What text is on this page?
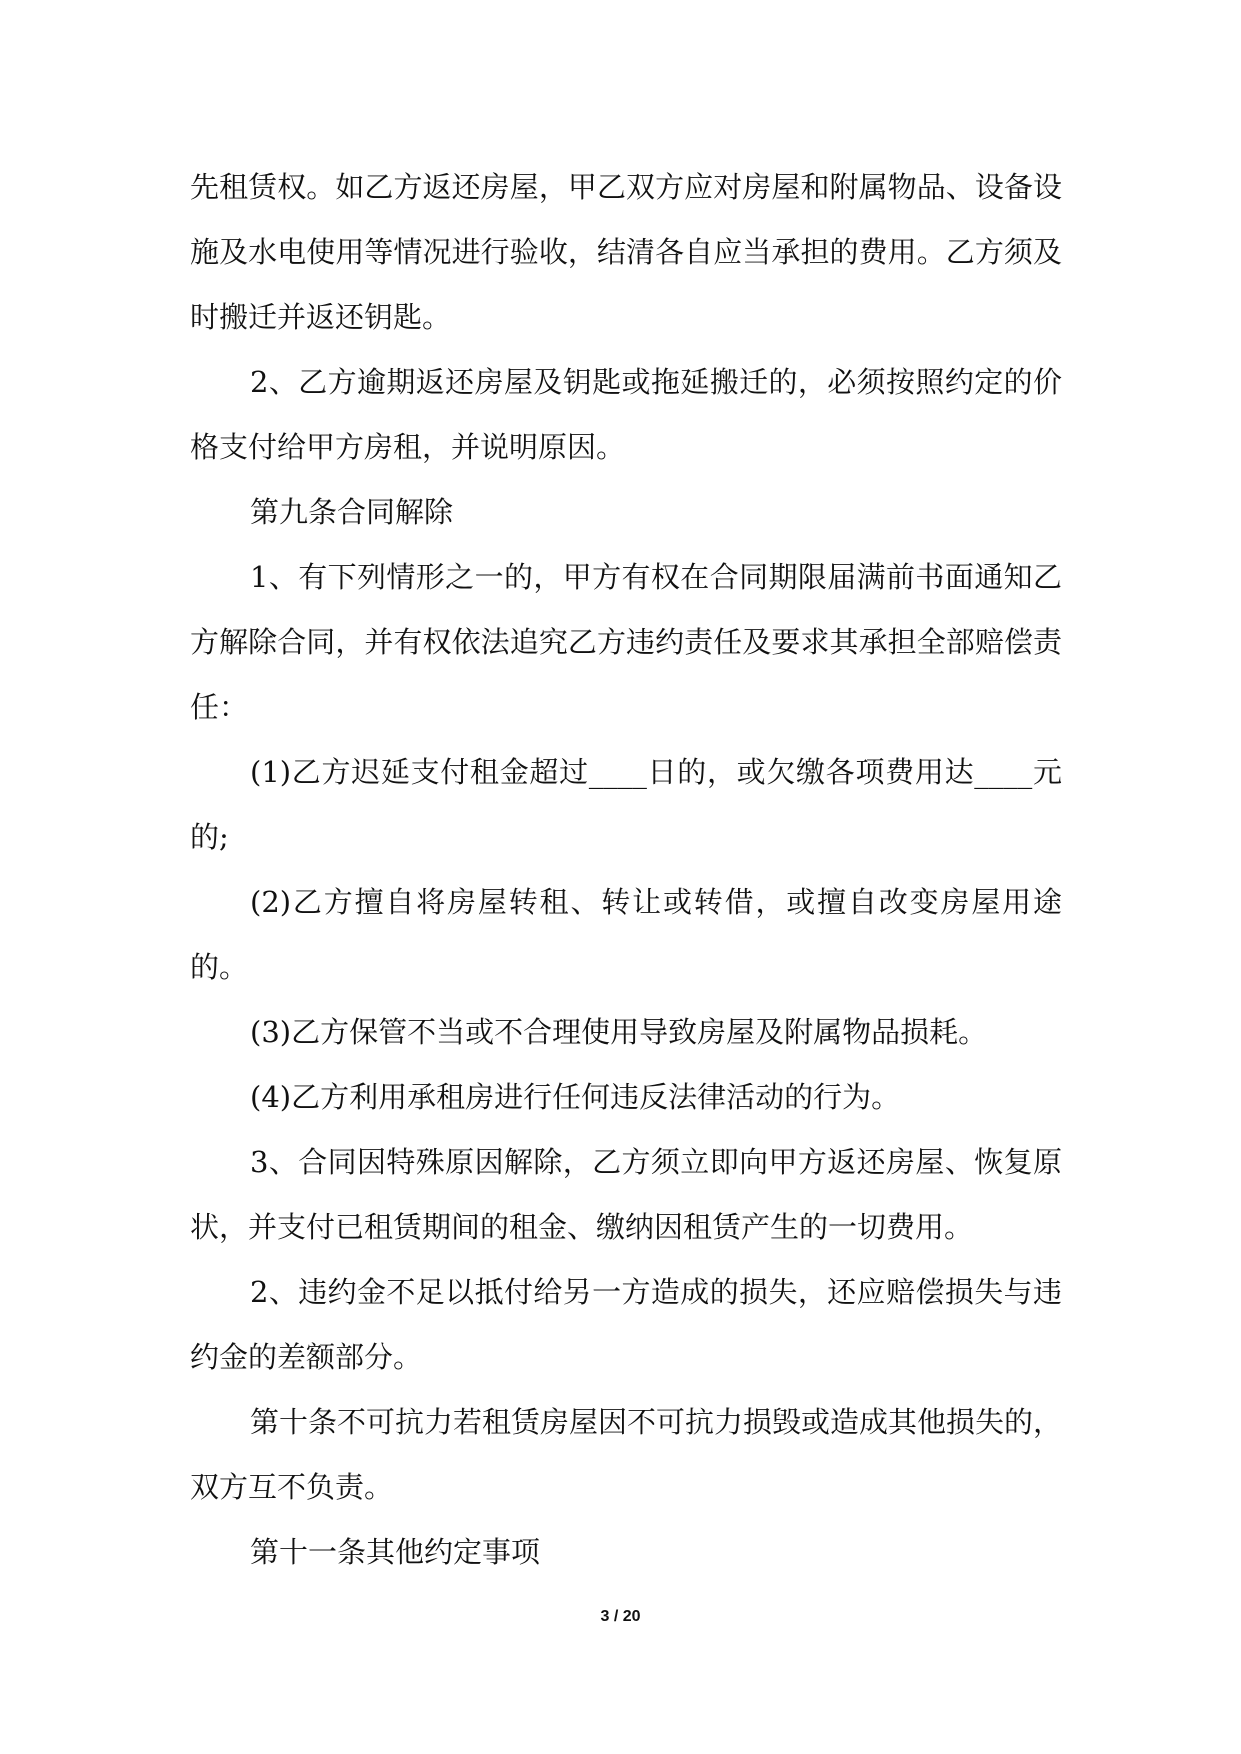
先租赁权。如乙方返还房屋，甲乙双方应对房屋和附属物品、设备设施及水电使用等情况进行验收，结清各自应当承担的费用。乙方须及时搬迁并返还钥匙。

2、乙方逾期返还房屋及钥匙或拖延搬迁的，必须按照约定的价格支付给甲方房租，并说明原因。

第九条合同解除

1、有下列情形之一的，甲方有权在合同期限届满前书面通知乙方解除合同，并有权依法追究乙方违约责任及要求其承担全部赔偿责任：

(1)乙方迟延支付租金超过____日的，或欠缴各项费用达____元的;

(2)乙方擅自将房屋转租、转让或转借，或擅自改变房屋用途的。

(3)乙方保管不当或不合理使用导致房屋及附属物品损耗。

(4)乙方利用承租房进行任何违反法律活动的行为。

3、合同因特殊原因解除，乙方须立即向甲方返还房屋、恢复原状，并支付已租赁期间的租金、缴纳因租赁产生的一切费用。

2、违约金不足以抵付给另一方造成的损失，还应赔偿损失与违约金的差额部分。

第十条不可抗力若租赁房屋因不可抗力损毁或造成其他损失的，双方互不负责。

第十一条其他约定事项

3 / 20
